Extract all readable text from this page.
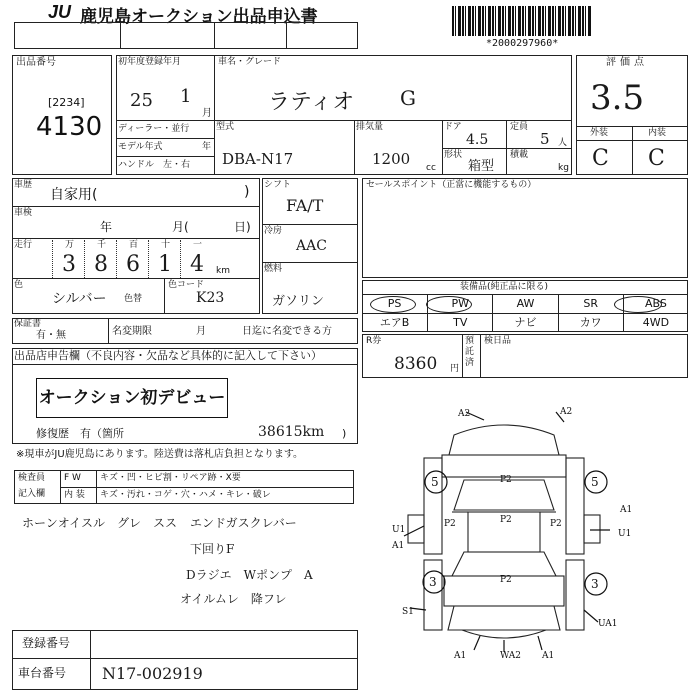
JU 鹿児島オークション出品申込書
*2000297960*
出品番号
[2234]
4130
初年度登録年月
25 1
月
車名・グレード
ラティオ G
ディーラー・並行
モデル年式	年
ハンドル　左・右
型式
DBA-N17
排気量
1200 cc
ドア
4.5
定員
5 人
形状
箱型
積載
kg
評価点
3.5
外装	内装
C C
車歴
自家用(	)
車検
年	月(	日)
走行	万
3
千
8
百
6
十
1
一
4 km
色
シルバー 色替
色コード
K23
シフト
FA/T
冷房
AAC
燃料
ガソリン
セールスポイント（正當に機能するもの）
装備品(純正品に限る)
PS	PW	AW	SR	ABS
エアB	TV	ナビ	カワ	4WD
保証書
有・無	名変期限	月	日迄に名変できる方
R券
8360 円
預託済
検日品
出品店申告欄（不良内容・欠品など具体的に記入して下さい）
オークション初デビュー
修復歴　有（箇所	38615km )
※現車がJU鹿児島にあります。陸送費は落札店負担となります。
検査員
記入欄
F W キズ・凹・ヒビ割・リペア跡・X要
内 装 キズ・汚れ・コゲ・穴・ハメ・キレ・破レ
ホーンオイスル　グレ　スス エンドガスクレバー
下回りF
Dラジエ　Wポンプ　A
オイルムレ　降フレ
A2	A2
5	5
3	3
P2
P2
P2
P2	P2
U1
A1
A1
U1
S1
UA1
A1	WA2 A1
登録番号
車台番号 N17-002919
